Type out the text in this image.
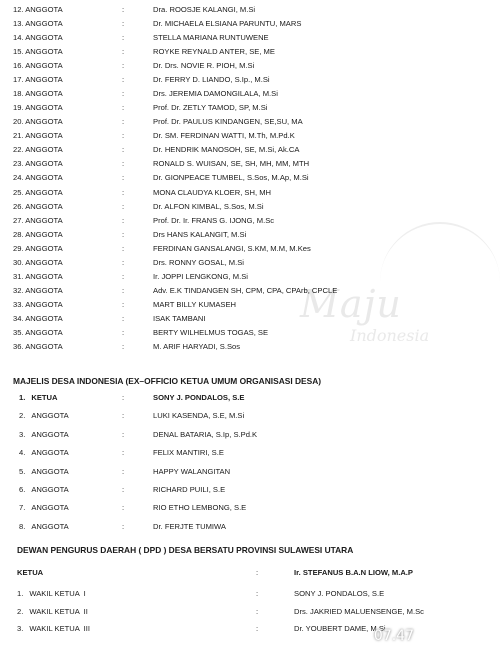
Maju
Indonesia
12. ANGGOTA	:	Dra. ROOSJE KALANGI, M.Si
13. ANGGOTA	:	Dr. MICHAELA ELSIANA PARUNTU, MARS
14. ANGGOTA	:	STELLA MARIANA RUNTUWENE
15. ANGGOTA	:	ROYKE REYNALD ANTER, SE, ME
16. ANGGOTA	:	Dr. Drs. NOVIE R. PIOH, M.Si
17. ANGGOTA	:	Dr. FERRY D. LIANDO, S.Ip., M.Si
18. ANGGOTA	:	Drs. JEREMIA DAMONGILALA, M.Si
19. ANGGOTA	:	Prof. Dr. ZETLY TAMOD, SP, M.Si
20. ANGGOTA	:	Prof. Dr. PAULUS KINDANGEN, SE,SU, MA
21. ANGGOTA	:	Dr. SM. FERDINAN WATTI, M.Th, M.Pd.K
22. ANGGOTA	:	Dr. HENDRIK MANOSOH, SE, M.Si, Ak.CA
23. ANGGOTA	:	RONALD S. WUISAN, SE, SH, MH, MM, MTH
24. ANGGOTA	:	Dr. GIONPEACE TUMBEL, S.Sos, M.Ap, M.Si
25. ANGGOTA	:	MONA CLAUDYA KLOER, SH, MH
26. ANGGOTA	:	Dr. ALFON KIMBAL, S.Sos, M.Si
27. ANGGOTA	:	Prof. Dr. Ir. FRANS G. IJONG, M.Sc
28. ANGGOTA	:	Drs HANS KALANGIT, M.Si
29. ANGGOTA	:	FERDINAN GANSALANGI, S.KM, M.M, M.Kes
30. ANGGOTA	:	Drs. RONNY GOSAL, M.Si
31. ANGGOTA	:	Ir. JOPPI LENGKONG, M.Si
32. ANGGOTA	:	Adv. E.K TINDANGEN SH, CPM, CPA, CPArb, CPCLE
33. ANGGOTA	:	MART BILLY KUMASEH
34. ANGGOTA	:	ISAK TAMBANI
35. ANGGOTA	:	BERTY WILHELMUS TOGAS, SE
36. ANGGOTA	:	M. ARIF HARYADI, S.Sos
MAJELIS DESA INDONESIA (EX–OFFICIO KETUA UMUM ORGANISASI DESA)
1. KETUA	:	SONY J. PONDALOS, S.E
2. ANGGOTA	:	LUKI KASENDA, S.E, M.Si
3. ANGGOTA	:	DENAL BATARIA, S.Ip, S.Pd.K
4. ANGGOTA	:	FELIX MANTIRI, S.E
5. ANGGOTA	:	HAPPY WALANGITAN
6. ANGGOTA	:	RICHARD PUILI, S.E
7. ANGGOTA	:	RIO ETHO LEMBONG, S.E
8. ANGGOTA	:	Dr. FERJTE TUMIWA
DEWAN PENGURUS DAERAH ( DPD ) DESA BERSATU PROVINSI SULAWESI UTARA
KETUA	:	Ir. STEFANUS B.A.N LIOW, M.A.P
1. WAKIL KETUA  I	:	SONY J. PONDALOS, S.E
2. WAKIL KETUA  II	:	Drs. JAKRIED MALUENSENGE, M.Sc
3. WAKIL KETUA  III	:	Dr. YOUBERT DAME, M.Si
07.47
